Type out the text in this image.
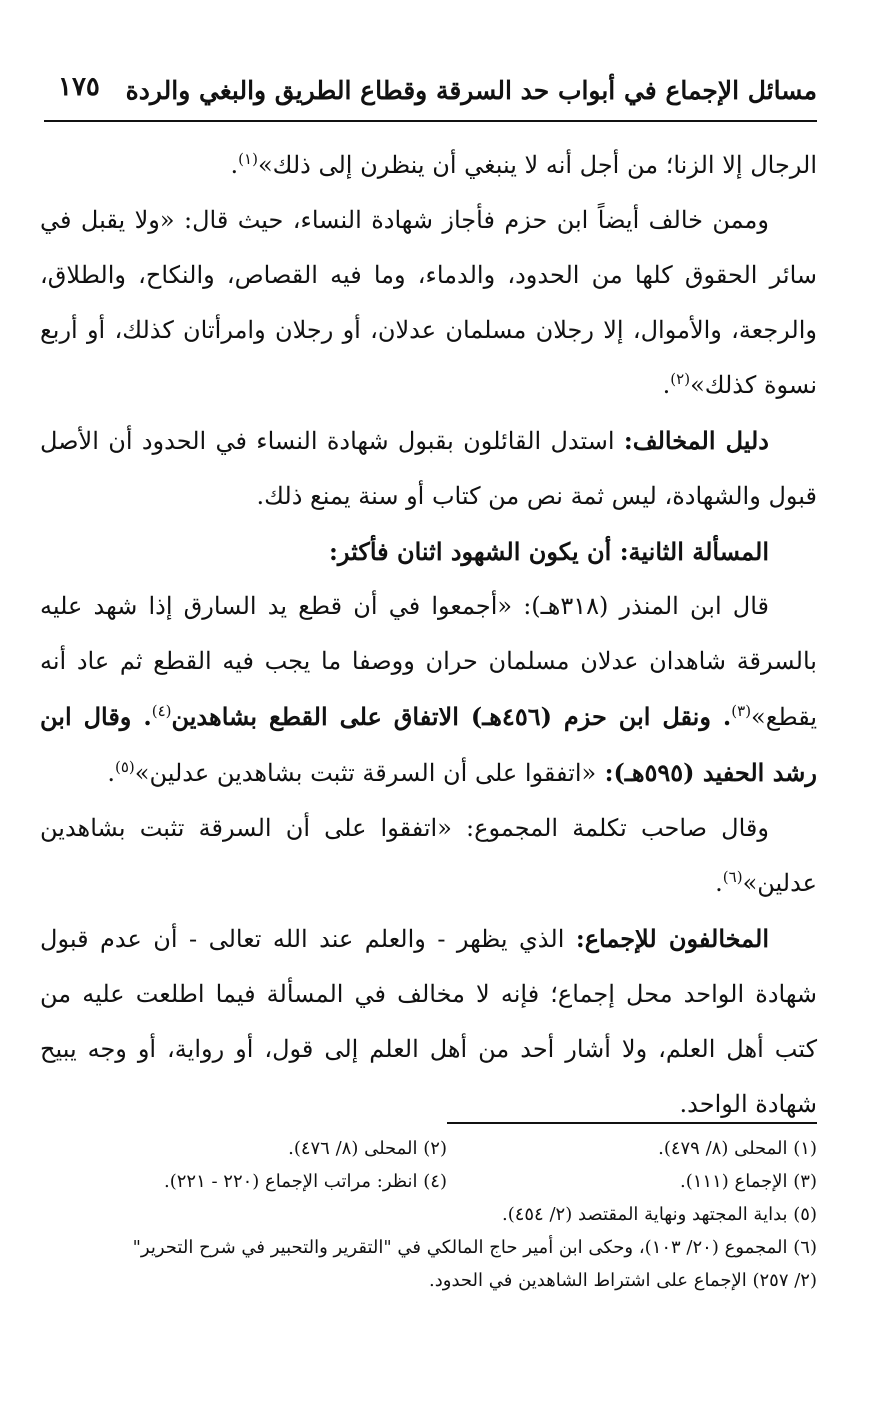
مسائل الإجماع في أبواب حد السرقة وقطاع الطريق والبغي والردة
١٧٥

الرجال إلا الزنا؛ من أجل أنه لا ينبغي أن ينظرن إلى ذلك»$^{(١)}$.

وممن خالف أيضاً ابن حزم فأجاز شهادة النساء، حيث قال: «ولا يقبل في سائر الحقوق كلها من الحدود، والدماء، وما فيه القصاص، والنكاح، والطلاق، والرجعة، والأموال، إلا رجلان مسلمان عدلان، أو رجلان وامرأتان كذلك، أو أربع نسوة كذلك»$^{(٢)}$.

دليل المخالف: استدل القائلون بقبول شهادة النساء في الحدود أن الأصل قبول والشهادة، ليس ثمة نص من كتاب أو سنة يمنع ذلك.

المسألة الثانية: أن يكون الشهود اثنان فأكثر:

قال ابن المنذر (٣١٨هـ): «أجمعوا في أن قطع يد السارق إذا شهد عليه بالسرقة شاهدان عدلان مسلمان حران ووصفا ما يجب فيه القطع ثم عاد أنه يقطع»$^{(٣)}$. ونقل ابن حزم (٤٥٦هـ) الاتفاق على القطع بشاهدين$^{(٤)}$. وقال ابن رشد الحفيد (٥٩٥هـ): «اتفقوا على أن السرقة تثبت بشاهدين عدلين»$^{(٥)}$.

وقال صاحب تكلمة المجموع: «اتفقوا على أن السرقة تثبت بشاهدين عدلين»$^{(٦)}$.

المخالفون للإجماع: الذي يظهر - والعلم عند الله تعالى - أن عدم قبول شهادة الواحد محل إجماع؛ فإنه لا مخالف في المسألة فيما اطلعت عليه من كتب أهل العلم، ولا أشار أحد من أهل العلم إلى قول، أو رواية، أو وجه يبيح شهادة الواحد.

(١) المحلى (٨/ ٤٧٩).
(٢) المحلى (٨/ ٤٧٦).
(٣) الإجماع (١١١).
(٤) انظر: مراتب الإجماع (٢٢٠ - ٢٢١).

(٥) بداية المجتهد ونهاية المقتصد (٢/ ٤٥٤).

(٦) المجموع (٢٠/ ١٠٣)، وحكى ابن أمير حاج المالكي في "التقرير والتحبير في شرح التحرير"

(٢/ ٢٥٧) الإجماع على اشتراط الشاهدين في الحدود.
